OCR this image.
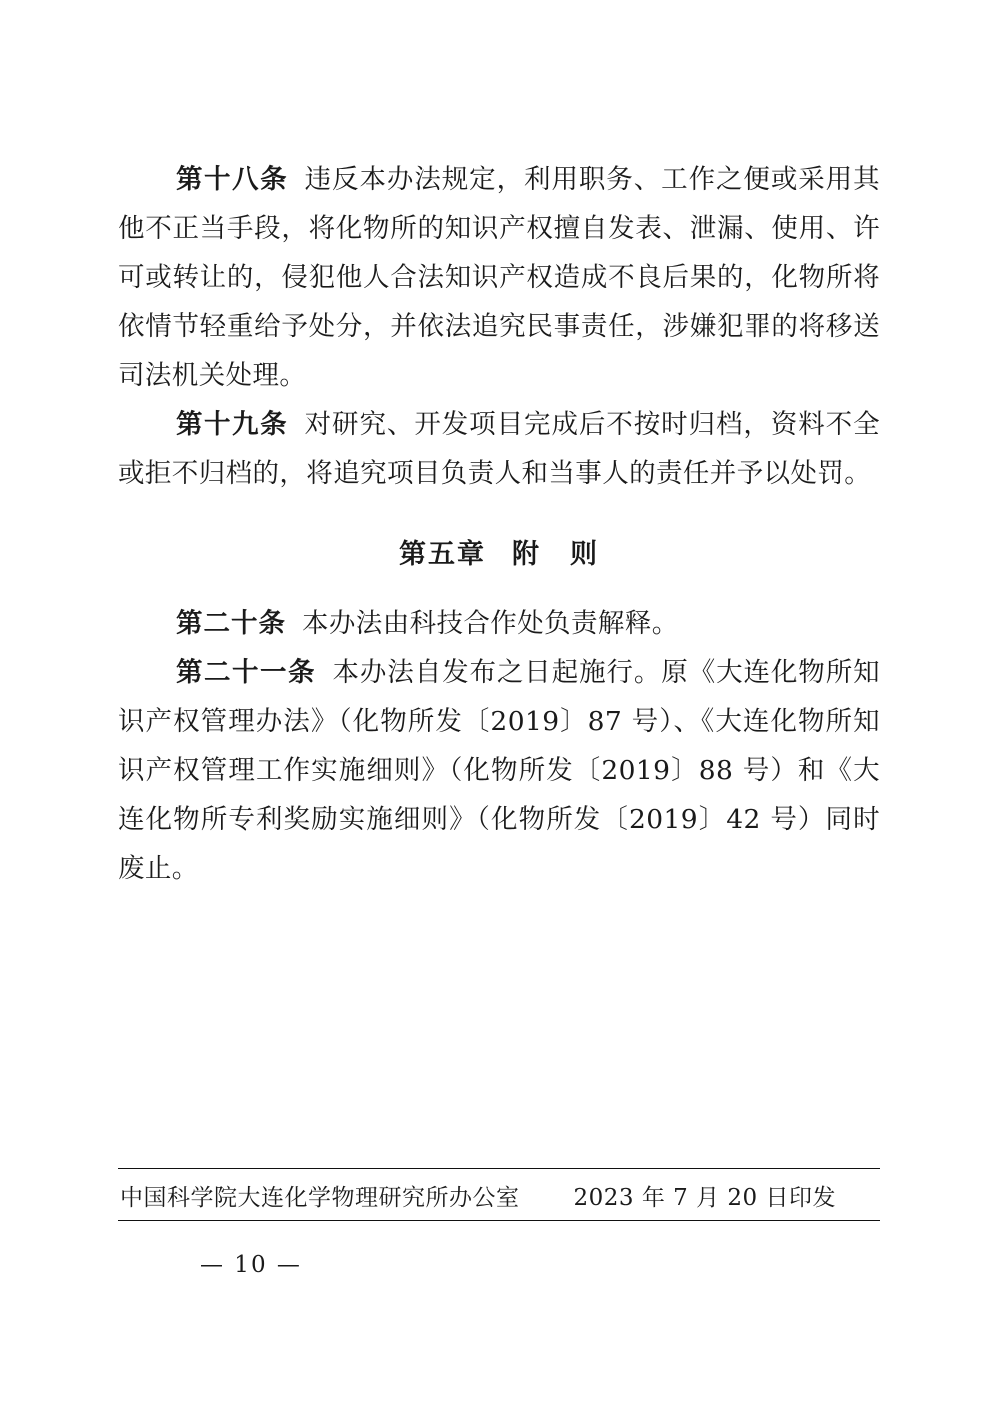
第十八条 违反本办法规定，利用职务、工作之便或采用其他不正当手段，将化物所的知识产权擅自发表、泄漏、使用、许可或转让的，侵犯他人合法知识产权造成不良后果的，化物所将依情节轻重给予处分，并依法追究民事责任，涉嫌犯罪的将移送司法机关处理。

第十九条 对研究、开发项目完成后不按时归档，资料不全或拒不归档的，将追究项目负责人和当事人的责任并予以处罚。

第五章 附　则

第二十条 本办法由科技合作处负责解释。

第二十一条 本办法自发布之日起施行。原《大连化物所知识产权管理办法》（化物所发〔2019〕87 号）、《大连化物所知识产权管理工作实施细则》（化物所发〔2019〕88 号）和《大连化物所专利奖励实施细则》（化物所发〔2019〕42 号）同时废止。

中国科学院大连化学物理研究所办公室 2023 年 7 月 20 日印发
— 10 —
